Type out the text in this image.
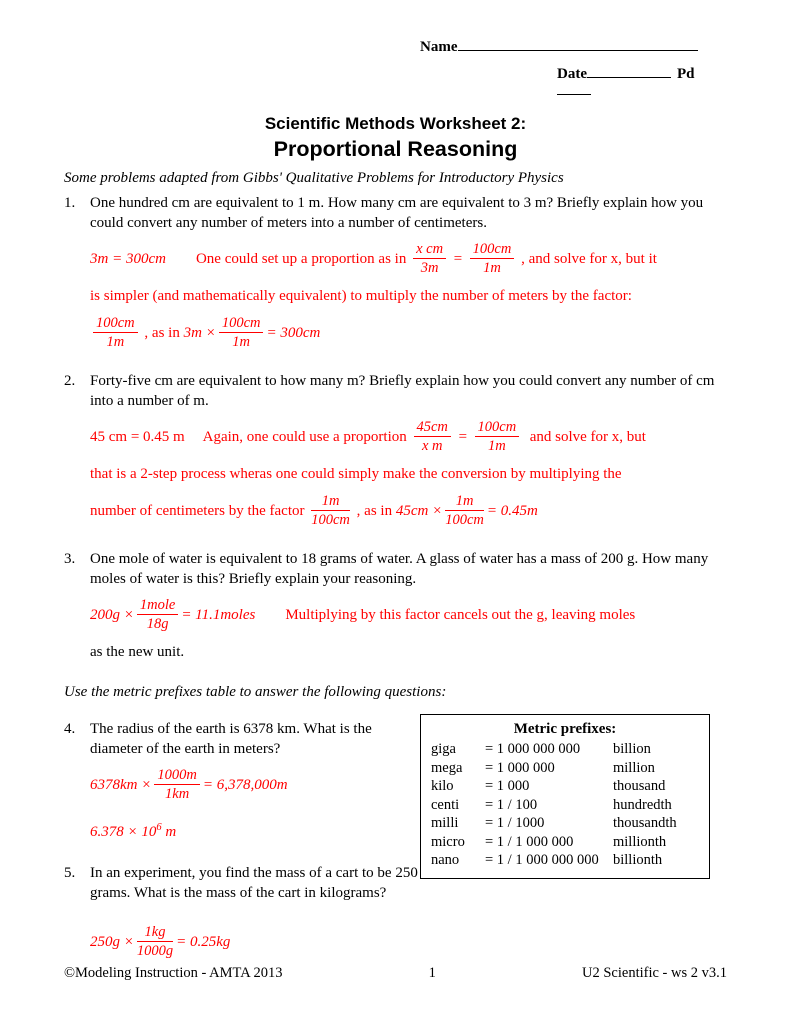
Name
Date	Pd
Scientific Methods Worksheet 2:
Proportional Reasoning
Some problems adapted from Gibbs' Qualitative Problems for Introductory Physics
1. One hundred cm are equivalent to 1 m. How many cm are equivalent to 3 m? Briefly explain how you could convert any number of meters into a number of centimeters.

3m = 300cm        One could set up a proportion as in $\frac{\text{x cm}}{3m} = \frac{100cm}{1m}$ , and solve for x, but it

is simpler (and mathematically equivalent) to multiply the number of meters by the factor:

$\frac{100cm}{1m}$ , as in $3m \times \frac{100cm}{1m} = 300cm$

2. Forty-five cm are equivalent to how many m? Briefly explain how you could convert any number of cm into a number of m.

45 cm = 0.45 m     Again, one could use a proportion $\frac{45cm}{\text{x m}} = \frac{100cm}{1m}$ and solve for x, but

that is a 2-step process wheras one could simply make the conversion by multiplying the

number of centimeters by the factor $\frac{1m}{100cm}$ , as in $45cm \times \frac{1m}{100cm} = 0.45m$

3. One mole of water is equivalent to 18 grams of water. A glass of water has a mass of 200 g. How many moles of water is this? Briefly explain your reasoning.

$200g \times \frac{\text{1mole}}{18g}$ = 11.1moles        Multiplying by this factor cancels out the g, leaving moles

as the new unit.

Use the metric prefixes table to answer the following questions:
4. The radius of the earth is 6378 km. What is the diameter of the earth in meters?

$6378km \times \frac{1000m}{1km} = 6,378,000m$

$6.378 \times 10^6$ m

5. In an experiment, you find the mass of a cart to be 250 grams. What is the mass of the cart in kilograms?

$250g \times \frac{1kg}{1000g} = 0.25kg$

Metric prefixes:
giga	= 1 000 000 000	billion
mega	= 1 000 000	million
kilo	= 1 000	thousand
centi	= 1 / 100	hundredth
milli	= 1 / 1000	thousandth
micro	= 1 / 1 000 000	millionth
nano	= 1 / 1 000 000 000 billionth
©Modeling Instruction - AMTA 2013	1	U2 Scientific - ws 2 v3.1
